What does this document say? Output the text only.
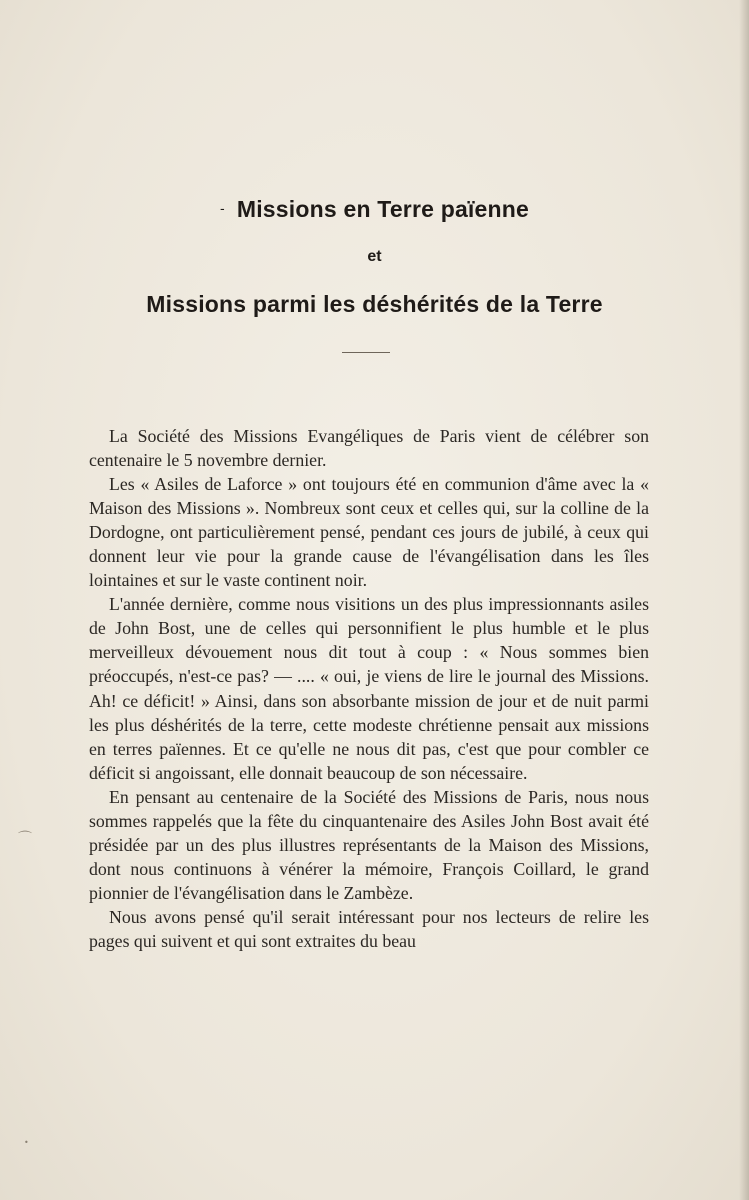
- Missions en Terre païenne
et
Missions parmi les déshérités de la Terre

La Société des Missions Evangéliques de Paris vient de célébrer son centenaire le 5 novembre dernier.

Les « Asiles de Laforce » ont toujours été en communion d'âme avec la « Maison des Missions ». Nombreux sont ceux et celles qui, sur la colline de la Dordogne, ont particulièrement pensé, pendant ces jours de jubilé, à ceux qui donnent leur vie pour la grande cause de l'évangélisation dans les îles lointaines et sur le vaste continent noir.

L'année dernière, comme nous visitions un des plus impressionnants asiles de John Bost, une de celles qui personnifient le plus humble et le plus merveilleux dévouement nous dit tout à coup : « Nous sommes bien préoccupés, n'est-ce pas? — .... « oui, je viens de lire le journal des Missions. Ah! ce déficit! » Ainsi, dans son absorbante mission de jour et de nuit parmi les plus déshérités de la terre, cette modeste chrétienne pensait aux missions en terres païennes. Et ce qu'elle ne nous dit pas, c'est que pour combler ce déficit si angoissant, elle donnait beaucoup de son nécessaire.

En pensant au centenaire de la Société des Missions de Paris, nous nous sommes rappelés que la fête du cinquantenaire des Asiles John Bost avait été présidée par un des plus illustres représentants de la Maison des Missions, dont nous continuons à vénérer la mémoire, François Coillard, le grand pionnier de l'évangélisation dans le Zambèze.

Nous avons pensé qu'il serait intéressant pour nos lecteurs de relire les pages qui suivent et qui sont extraites du beau

⌒
•
